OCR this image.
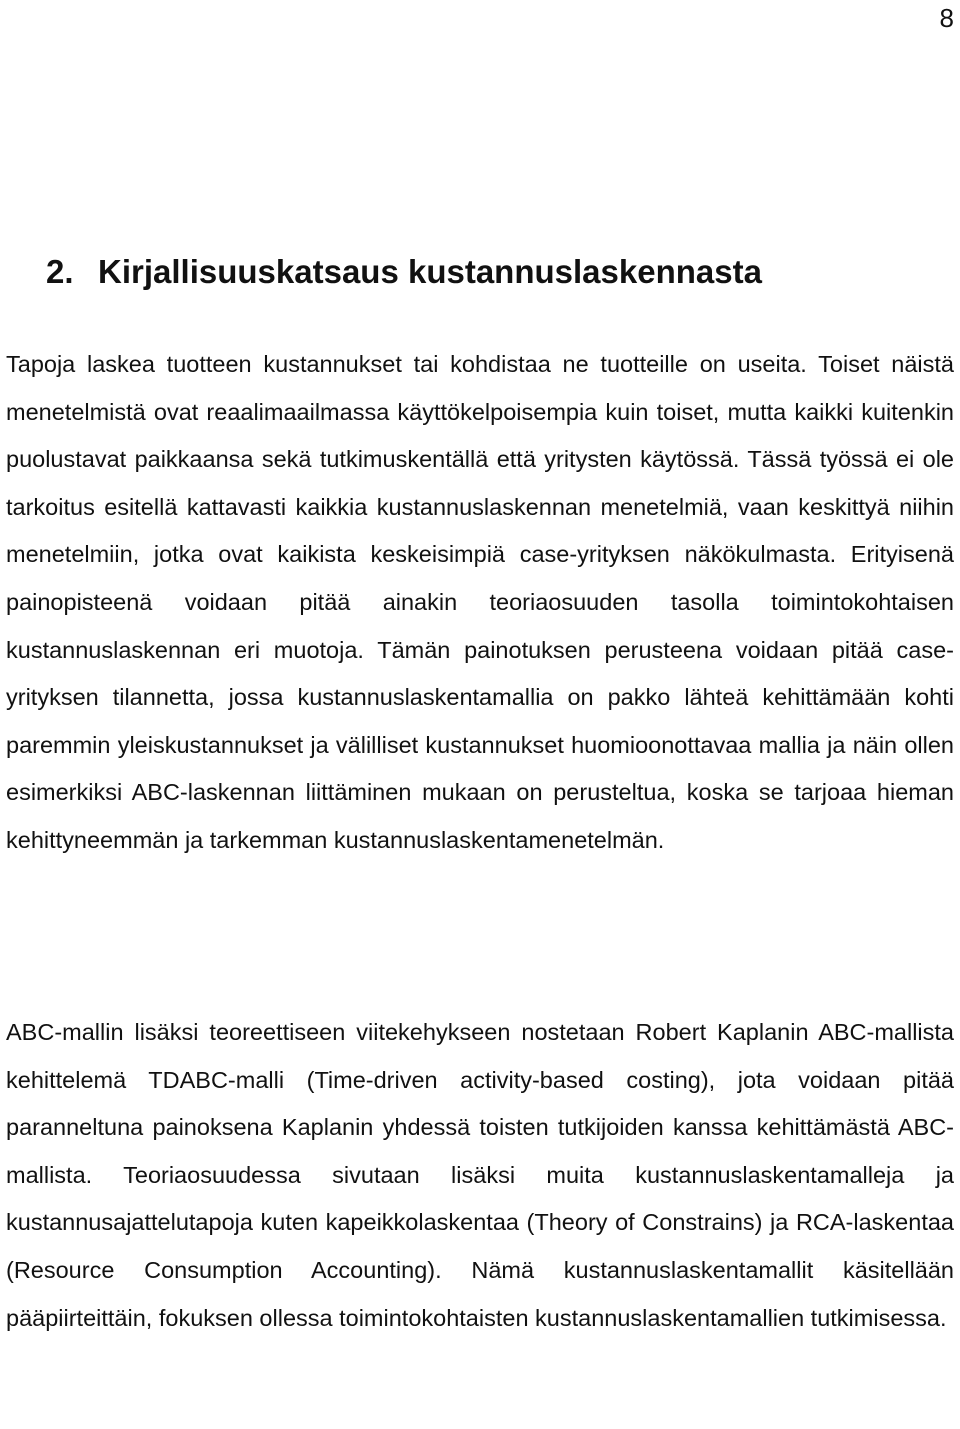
8
2. Kirjallisuuskatsaus kustannuslaskennasta

Tapoja laskea tuotteen kustannukset tai kohdistaa ne tuotteille on useita. Toiset näistä menetelmistä ovat reaalimaailmassa käyttökelpoisempia kuin toiset, mutta kaikki kuitenkin puolustavat paikkaansa sekä tutkimuskentällä että yritysten käytössä. Tässä työssä ei ole tarkoitus esitellä kattavasti kaikkia kustannuslaskennan menetelmiä, vaan keskittyä niihin menetelmiin, jotka ovat kaikista keskeisimpiä case-yrityksen näkökulmasta. Erityisenä painopisteenä voidaan pitää ainakin teoriaosuuden tasolla toimintokohtaisen kustannuslaskennan eri muotoja. Tämän painotuksen perusteena voidaan pitää case-yrityksen tilannetta, jossa kustannuslaskentamallia on pakko lähteä kehittämään kohti paremmin yleiskustannukset ja välilliset kustannukset huomioonottavaa mallia ja näin ollen esimerkiksi ABC-laskennan liittäminen mukaan on perusteltua, koska se tarjoaa hieman kehittyneemmän ja tarkemman kustannuslaskentamenetelmän.

ABC-mallin lisäksi teoreettiseen viitekehykseen nostetaan Robert Kaplanin ABC-mallista kehittelemä TDABC-malli (Time-driven activity-based costing), jota voidaan pitää paranneltuna painoksena Kaplanin yhdessä toisten tutkijoiden kanssa kehittämästä ABC-mallista. Teoriaosuudessa sivutaan lisäksi muita kustannuslaskentamalleja ja kustannusajattelutapoja kuten kapeikkolaskentaa (Theory of Constrains) ja RCA-laskentaa (Resource Consumption Accounting). Nämä kustannuslaskentamallit käsitellään pääpiirteittäin, fokuksen ollessa toimintokohtaisten kustannuslaskentamallien tutkimisessa.
